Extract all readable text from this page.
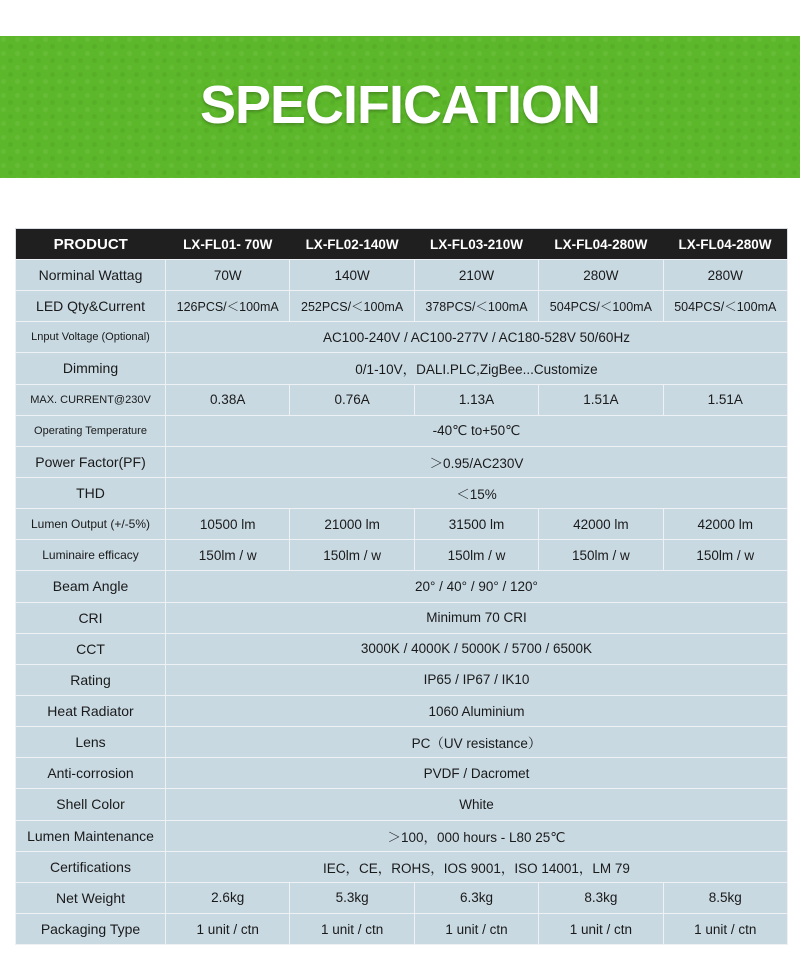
SPECIFICATION
PRODUCT	LX-FL01- 70W	LX-FL02-140W	LX-FL03-210W	LX-FL04-280W	LX-FL04-280W
Norminal Wattag	70W	140W	210W	280W	280W
LED Qty&Current	126PCS/＜100mA	252PCS/＜100mA	378PCS/＜100mA	504PCS/＜100mA	504PCS/＜100mA
Lnput Voltage (Optional)	AC100-240V / AC100-277V / AC180-528V 50/60Hz				
Dimming	0/1-10V，DALI.PLC,ZigBee...Customize				
MAX. CURRENT@230V	0.38A	0.76A	1.13A	1.51A	1.51A
Operating Temperature	-40℃ to+50℃				
Power Factor(PF)	＞0.95/AC230V				
THD	＜15%				
Lumen Output (+/-5%)	10500 lm	21000 lm	31500 lm	42000 lm	42000 lm
Luminaire efficacy	150lm / w	150lm / w	150lm / w	150lm / w	150lm / w
Beam Angle	20° / 40° / 90° / 120°				
CRI	Minimum 70 CRI				
CCT	3000K / 4000K / 5000K / 5700 / 6500K				
Rating	IP65 / IP67 / IK10				
Heat Radiator	1060 Aluminium				
Lens	PC（UV resistance）				
Anti-corrosion	PVDF / Dacromet				
Shell Color	White				
Lumen Maintenance	＞100，000 hours - L80 25℃				
Certifications	IEC，CE，ROHS，IOS 9001，ISO 14001，LM 79				
Net Weight	2.6kg	5.3kg	6.3kg	8.3kg	8.5kg
Packaging Type	1 unit / ctn	1 unit / ctn	1 unit / ctn	1 unit / ctn	1 unit / ctn
